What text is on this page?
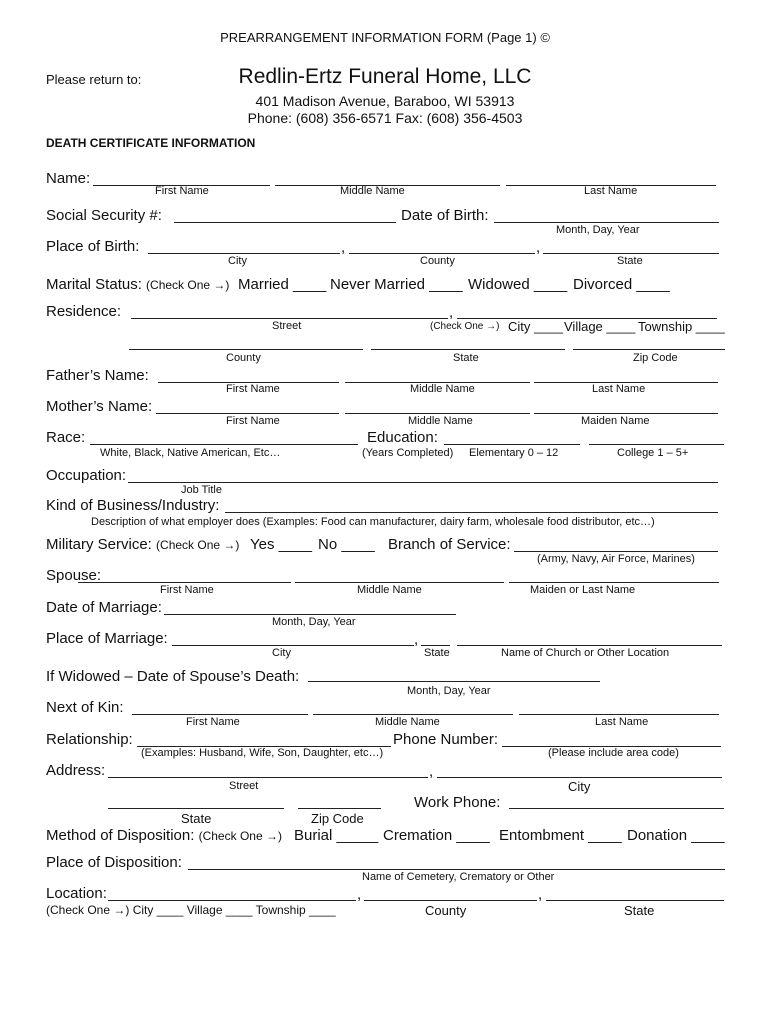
PREARRANGEMENT INFORMATION FORM (Page 1) ©
Please return to:	Redlin-Ertz Funeral Home, LLC
401 Madison Avenue, Baraboo, WI 53913
Phone: (608) 356-6571 Fax: (608) 356-4503
DEATH CERTIFICATE INFORMATION
Name:
First Name	Middle Name	Last Name
Social Security #:	Date of Birth:
Month, Day, Year
Place of Birth:	,	,
City	County	State
Marital Status: (Check One →) Married ____ Never Married ____ Widowed ____ Divorced ____
Residence:	,
Street	(Check One →) City ____ Village ____ Township ____
County	State	Zip Code
Father’s Name:
First Name	Middle Name	Last Name
Mother’s Name:
First Name	Middle Name	Maiden Name
Race:	Education:
White, Black, Native American, Etc…	(Years Completed) Elementary 0 – 12	College 1 – 5+
Occupation:
Job Title
Kind of Business/Industry:
Description of what employer does (Examples: Food can manufacturer, dairy farm, wholesale food distributor, etc…)
Military Service: (Check One →) Yes ____ No ____ Branch of Service:
(Army, Navy, Air Force, Marines)
Spouse:
First Name	Middle Name	Maiden or Last Name
Date of Marriage:
Month, Day, Year
Place of Marriage:	,
City	State	Name of Church or Other Location
If Widowed – Date of Spouse’s Death:
Month, Day, Year
Next of Kin:
First Name	Middle Name	Last Name
Relationship:	Phone Number:
(Examples: Husband, Wife, Son, Daughter, etc…)	(Please include area code)
Address:	,
Street	City
Work Phone:
State	Zip Code
Method of Disposition: (Check One →) Burial _____ Cremation ____ Entombment ____ Donation ____
Place of Disposition:
Name of Cemetery, Crematory or Other
Location:	,	,
(Check One →) City ____ Village ____ Township ____	County	State
